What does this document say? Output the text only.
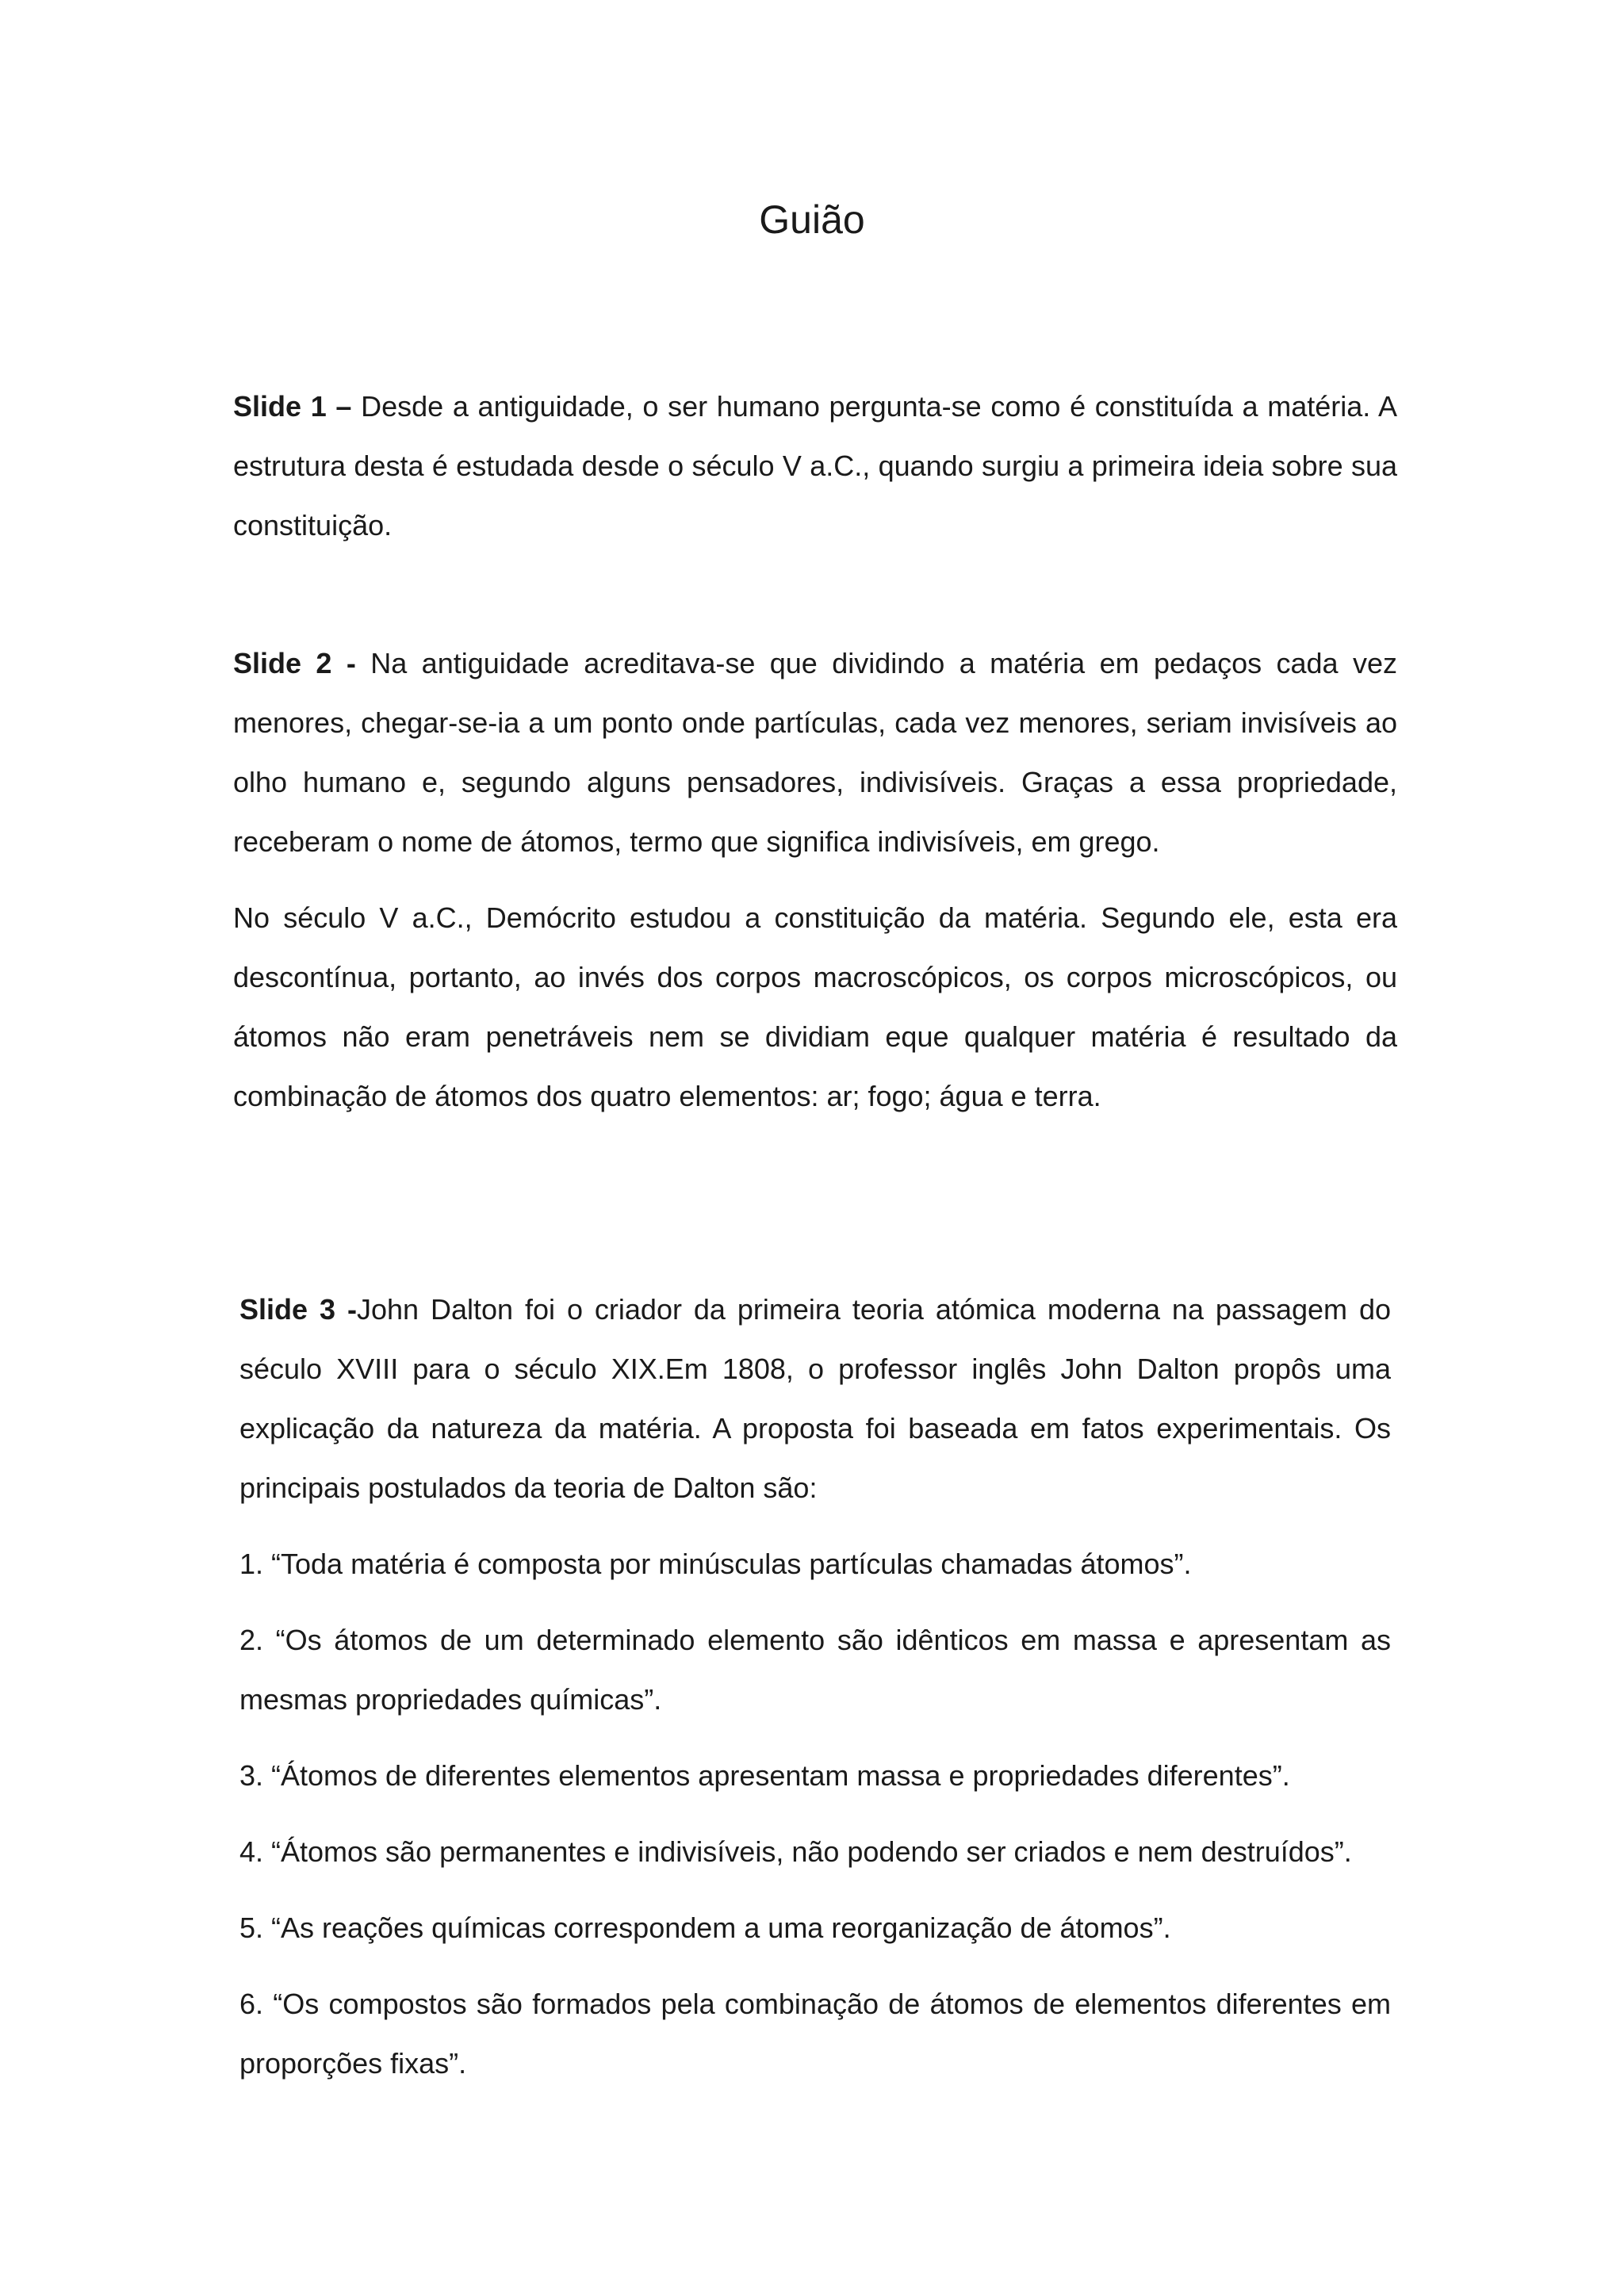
Guião

Slide 1 – Desde a antiguidade, o ser humano pergunta-se como é constituída a matéria. A estrutura desta é estudada desde o século V a.C., quando surgiu a primeira ideia sobre sua constituição.

Slide 2 - Na antiguidade acreditava-se que dividindo a matéria em pedaços cada vez menores, chegar-se-ia a um ponto onde partículas, cada vez menores, seriam invisíveis ao olho humano e, segundo alguns pensadores, indivisíveis. Graças a essa propriedade, receberam o nome de átomos, termo que significa indivisíveis, em grego.

No século V a.C., Demócrito estudou a constituição da matéria. Segundo ele, esta era descontínua, portanto, ao invés dos corpos macroscópicos, os corpos microscópicos, ou átomos não eram penetráveis nem se dividiam eque qualquer matéria é resultado da combinação de átomos dos quatro elementos: ar; fogo; água e terra.

Slide 3 -John Dalton foi o criador da primeira teoria atómica moderna na passagem do século XVIII para o século XIX.Em 1808, o professor inglês John Dalton propôs uma explicação da natureza da matéria. A proposta foi baseada em fatos experimentais. Os principais postulados da teoria de Dalton são:

1. “Toda matéria é composta por minúsculas partículas chamadas átomos”.

2. “Os átomos de um determinado elemento são idênticos em massa e apresentam as mesmas propriedades químicas”.

3. “Átomos de diferentes elementos apresentam massa e propriedades diferentes”.

4. “Átomos são permanentes e indivisíveis, não podendo ser criados e nem destruídos”.

5. “As reações químicas correspondem a uma reorganização de átomos”.

6. “Os compostos são formados pela combinação de átomos de elementos diferentes em proporções fixas”.
